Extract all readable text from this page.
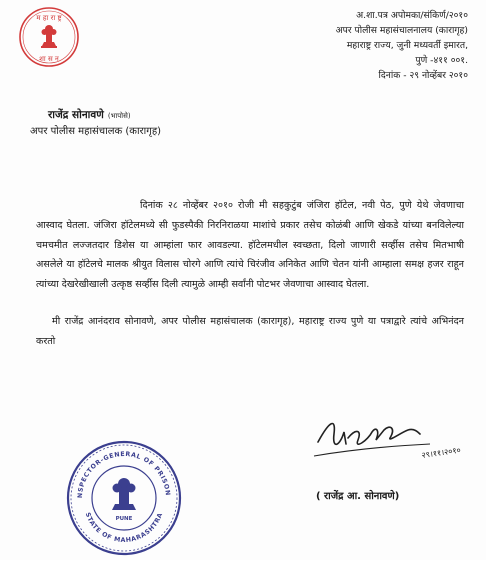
म हा रा ष्ट्र
शा स न
अ.शा.पत्र अपोमका/संकिर्ण/२०१०
अपर पोलीस महासंचालनालय (कारागृह)
महाराष्ट्र राज्य, जुनी मध्यवर्ती इमारत,
पुणे -४११ ००१.
दिनांक - २९ नोव्हेंबर २०१०
राजेंद्र सोनावणे (भापोसे)
अपर पोलीस महासंचालक (कारागृह)
दिनांक २८ नोव्हेंबर २०१० रोजी मी सहकुटुंब जंजिरा हॉटेल, नवी पेठ, पुणे येथे जेवणाचा आस्वाद घेतला. जंजिरा हॉटेलमध्ये सी फुडस्पैकी निरनिराळया माशांचे प्रकार तसेच कोळंबी आणि खेकडे यांच्या बनविलेल्या चमचमीत लज्जतदार डिशेस या आम्हांला फार आवडल्या. हॉटेलमधील स्वच्छता, दिलो जाणारी सर्व्हीस तसेच मितभाषी असलेले या हॉटेलचे मालक श्रीयुत विलास चोरगे आणि त्यांचे चिरंजीव अनिकेत आणि चेतन यांनी आम्हाला समक्ष हजर राहून त्यांच्या देखरेखीखाली उत्कृष्ठ सर्व्हीस दिली त्यामुळे आम्ही सर्वांनी पोटभर जेवणाचा आस्वाद घेतला.
मी राजेंद्र आनंदराव सोनावणे, अपर पोलीस महासंचालक (कारागृह), महाराष्ट्र राज्य पुणे या पत्राद्वारे त्यांचे अभिनंदन करतो
२९।११।२०१०
( राजेंद्र आ. सोनावणे)
NSPECTOR-GENERAL OF PRISON
STATE OF MAHARASHTRA
PUNE
